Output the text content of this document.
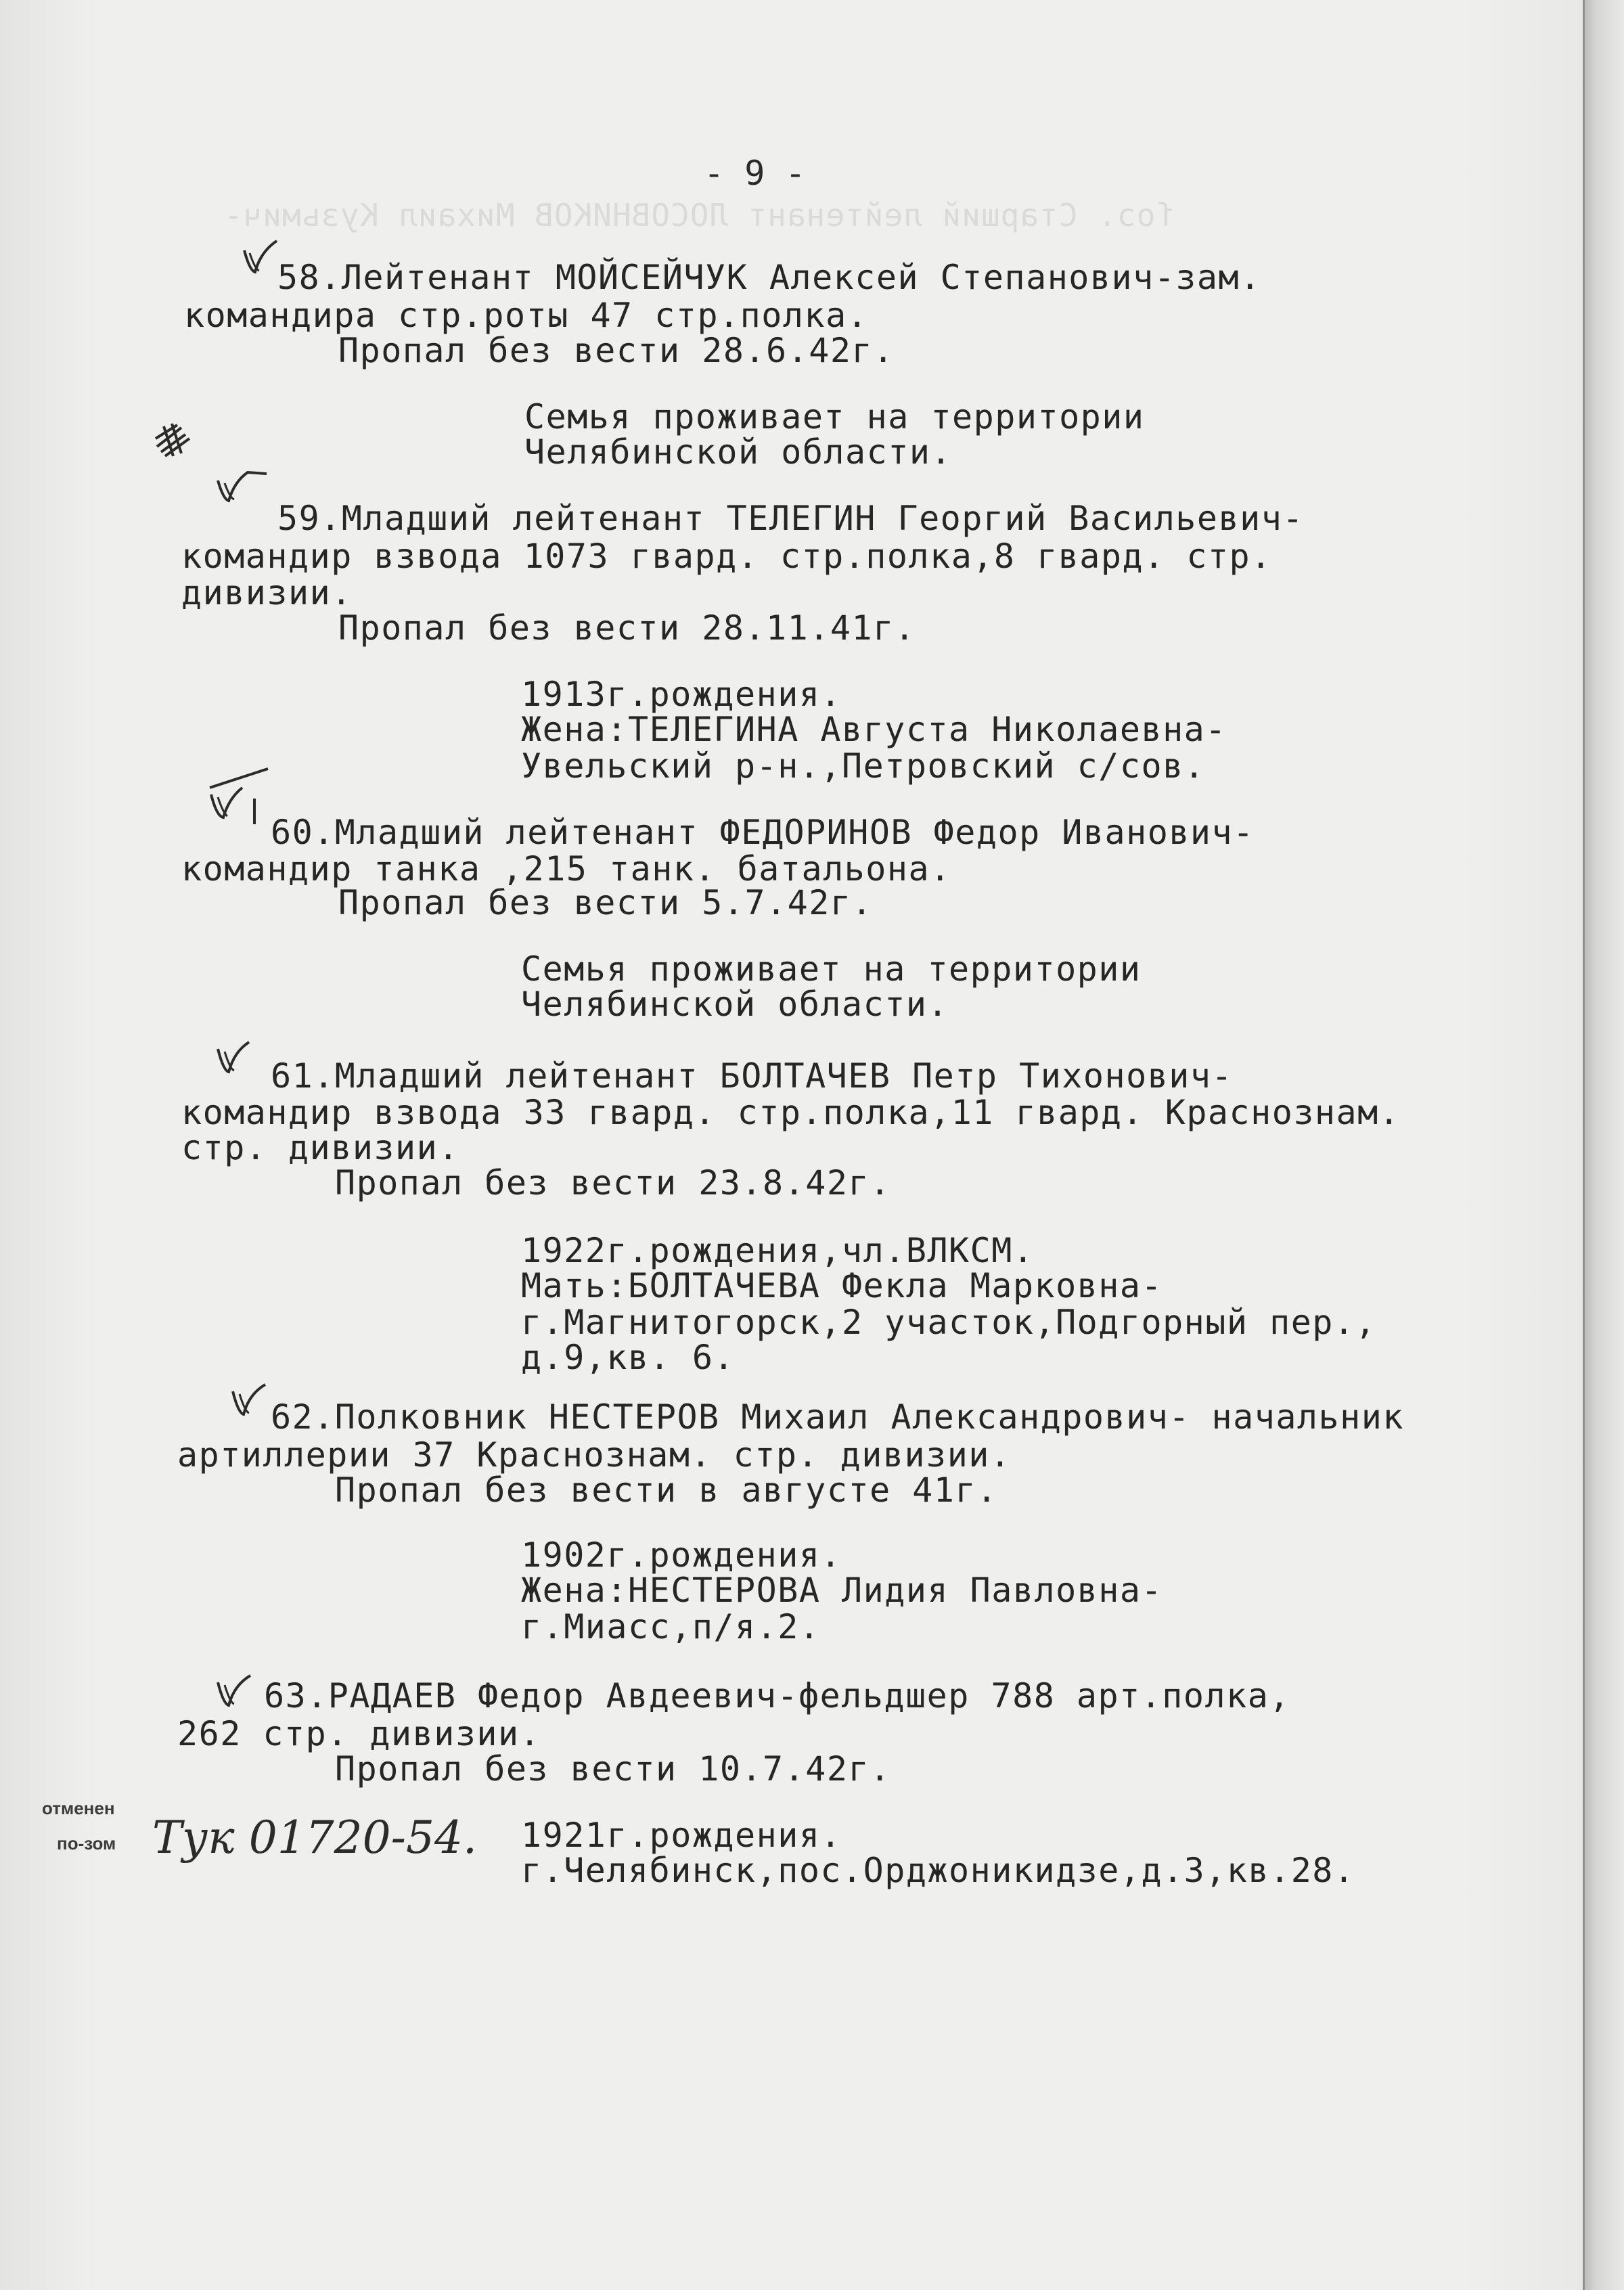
ſоɔ. Старший лейтенант ЛОСОВНИКОВ Михаил Кузьмич-
- 9 -
58.Лейтенант МОЙСЕЙЧУК Алексей Степанович-зам.
командира стр.роты 47 стр.полка.
Пропал без вести 28.6.42г.
Семья проживает на территории
Челябинской области.
59.Младший лейтенант ТЕЛЕГИН Георгий Васильевич-
командир взвода 1073 гвард. стр.полка,8 гвард. стр.
дивизии.
Пропал без вести 28.11.41г.
1913г.рождения.
Жена:ТЕЛЕГИНА Августа Николаевна-
Увельский р-н.,Петровский с/сов.
60.Младший лейтенант ФЕДОРИНОВ Федор Иванович-
командир танка ,215 танк. батальона.
Пропал без вести 5.7.42г.
Семья проживает на территории
Челябинской области.
61.Младший лейтенант БОЛТАЧЕВ Петр Тихонович-
командир взвода 33 гвард. стр.полка,11 гвард. Краснознам.
стр. дивизии.
Пропал без вести 23.8.42г.
1922г.рождения,чл.ВЛКСМ.
Мать:БОЛТАЧЕВА Фекла Марковна-
г.Магнитогорск,2 участок,Подгорный пер.,
д.9,кв. 6.
62.Полковник НЕСТЕРОВ Михаил Александрович- начальник
артиллерии 37 Краснознам. стр. дивизии.
Пропал без вести в августе 41г.
1902г.рождения.
Жена:НЕСТЕРОВА Лидия Павловна-
г.Миасс,п/я.2.
63.РАДАЕВ Федор Авдеевич-фельдшер 788 арт.полка,
262 стр. дивизии.
Пропал без вести 10.7.42г.
1921г.рождения.
г.Челябинск,пос.Орджоникидзе,д.3,кв.28.
отменен
по-зом Тук 01720-54.
